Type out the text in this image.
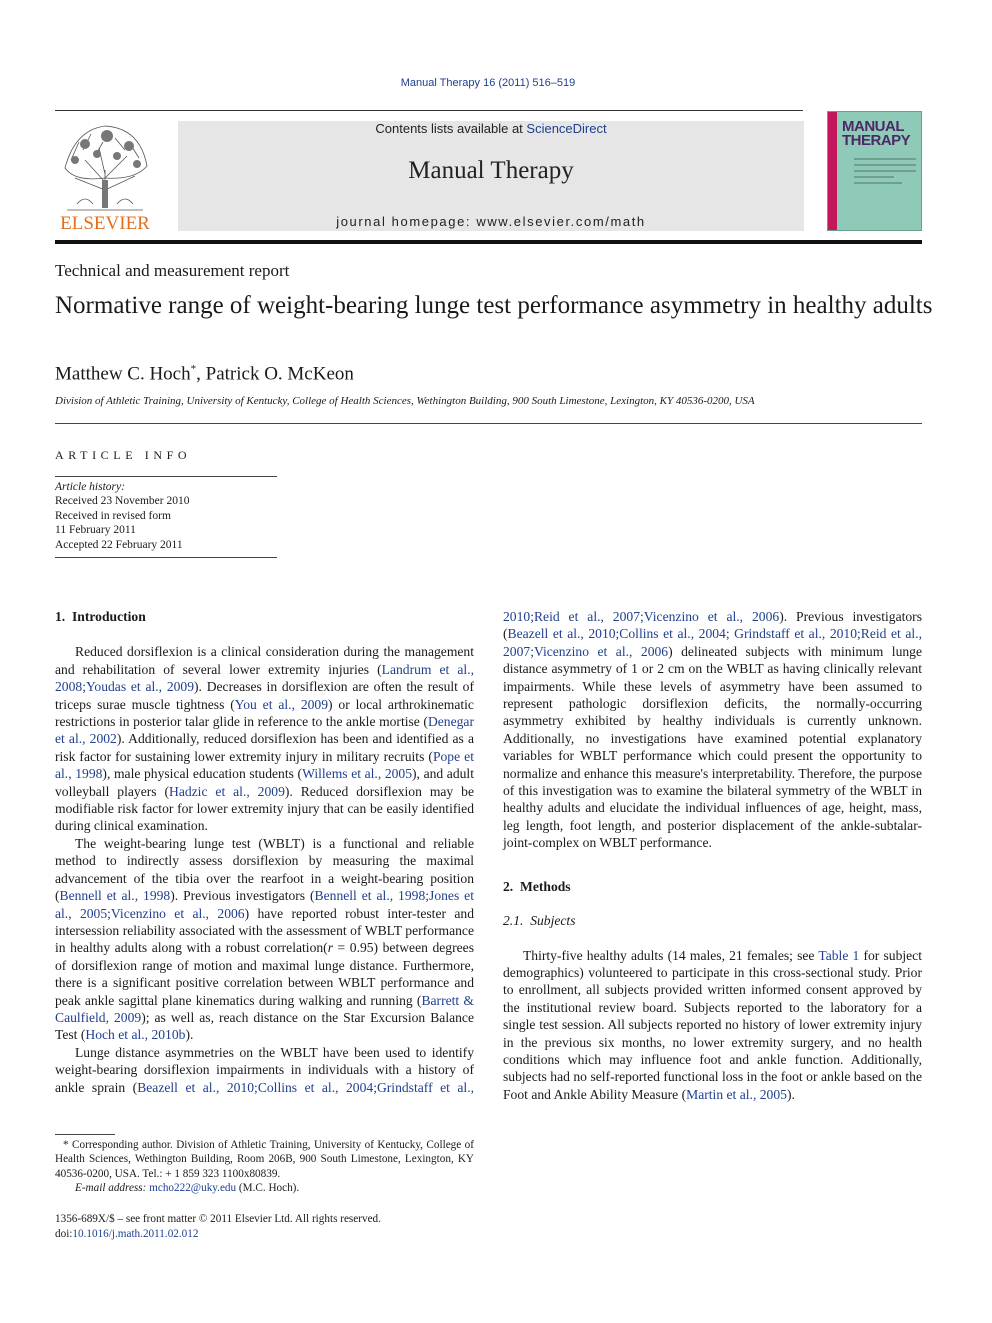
Manual Therapy 16 (2011) 516–519
ELSEVIER
Contents lists available at ScienceDirect
Manual Therapy
journal homepage: www.elsevier.com/math
MANUAL THERAPY
Technical and measurement report
Normative range of weight-bearing lunge test performance asymmetry in healthy adults
Matthew C. Hoch*, Patrick O. McKeon
Division of Athletic Training, University of Kentucky, College of Health Sciences, Wethington Building, 900 South Limestone, Lexington, KY 40536-0200, USA
ARTICLE INFO
Article history:
Received 23 November 2010
Received in revised form
11 February 2011
Accepted 22 February 2011
1. Introduction

Reduced dorsiflexion is a clinical consideration during the management and rehabilitation of several lower extremity injuries (Landrum et al., 2008;Youdas et al., 2009). Decreases in dorsiflexion are often the result of triceps surae muscle tightness (You et al., 2009) or local arthrokinematic restrictions in posterior talar glide in reference to the ankle mortise (Denegar et al., 2002). Additionally, reduced dorsiflexion has been and identified as a risk factor for sustaining lower extremity injury in military recruits (Pope et al., 1998), male physical education students (Willems et al., 2005), and adult volleyball players (Hadzic et al., 2009). Reduced dorsiflexion may be modifiable risk factor for lower extremity injury that can be easily identified during clinical examination.

The weight-bearing lunge test (WBLT) is a functional and reliable method to indirectly assess dorsiflexion by measuring the maximal advancement of the tibia over the rearfoot in a weight-bearing position (Bennell et al., 1998). Previous investigators (Bennell et al., 1998;Jones et al., 2005;Vicenzino et al., 2006) have reported robust inter-tester and intersession reliability associated with the assessment of WBLT performance in healthy adults along with a robust correlation(r = 0.95) between degrees of dorsiflexion range of motion and maximal lunge distance. Furthermore, there is a significant positive correlation between WBLT performance and peak ankle sagittal plane kinematics during walking and running (Barrett & Caulfield, 2009); as well as, reach distance on the Star Excursion Balance Test (Hoch et al., 2010b).

Lunge distance asymmetries on the WBLT have been used to identify weight-bearing dorsiflexion impairments in individuals with a history of ankle sprain (Beazell et al., 2010;Collins et al., 2004;Grindstaff et al.,

2010;Reid et al., 2007;Vicenzino et al., 2006). Previous investigators (Beazell et al., 2010;Collins et al., 2004; Grindstaff et al., 2010;Reid et al., 2007;Vicenzino et al., 2006) delineated subjects with minimum lunge distance asymmetry of 1 or 2 cm on the WBLT as having clinically relevant impairments. While these levels of asymmetry have been assumed to represent pathologic dorsiflexion deficits, the normally-occurring asymmetry exhibited by healthy individuals is currently unknown. Additionally, no investigations have examined potential explanatory variables for WBLT performance which could present the opportunity to normalize and enhance this measure's interpretability. Therefore, the purpose of this investigation was to examine the bilateral symmetry of the WBLT in healthy adults and elucidate the individual influences of age, height, mass, leg length, foot length, and posterior displacement of the ankle-subtalar-joint-complex on WBLT performance.
2. Methods
2.1. Subjects

Thirty-five healthy adults (14 males, 21 females; see Table 1 for subject demographics) volunteered to participate in this cross-sectional study. Prior to enrollment, all subjects provided written informed consent approved by the institutional review board. Subjects reported to the laboratory for a single test session. All subjects reported no history of lower extremity injury in the previous six months, no lower extremity surgery, and no health conditions which may influence foot and ankle function. Additionally, subjects had no self-reported functional loss in the foot or ankle based on the Foot and Ankle Ability Measure (Martin et al., 2005).

* Corresponding author. Division of Athletic Training, University of Kentucky, College of Health Sciences, Wethington Building, Room 206B, 900 South Limestone, Lexington, KY 40536-0200, USA. Tel.: + 1 859 323 1100x80839.

E-mail address: mcho222@uky.edu (M.C. Hoch).

1356-689X/$ – see front matter © 2011 Elsevier Ltd. All rights reserved.
doi:10.1016/j.math.2011.02.012
